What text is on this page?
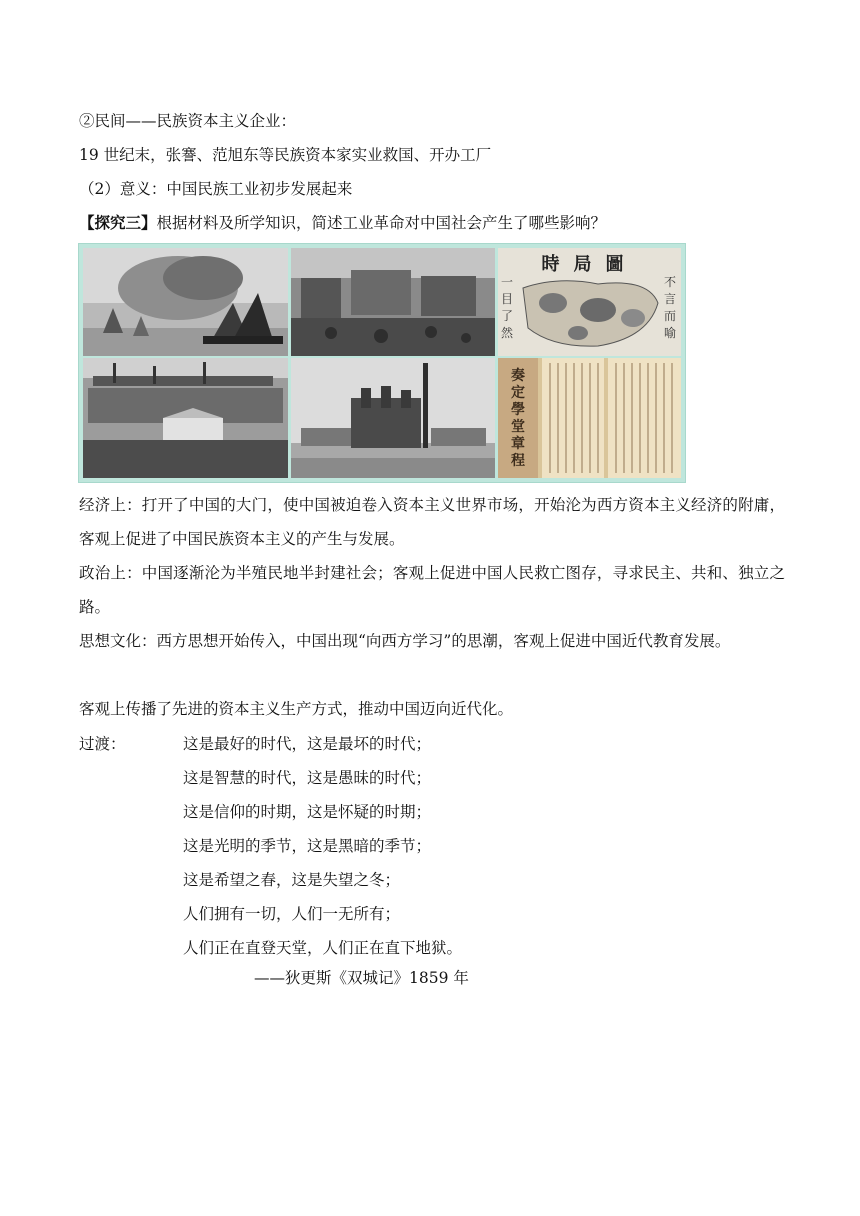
②民间——民族资本主义企业：
19 世纪末，张謇、范旭东等民族资本家实业救国、开办工厂
（2）意义：中国民族工业初步发展起来
【探究三】根据材料及所学知识，简述工业革命对中国社会产生了哪些影响？
時局圖
不言而喻
一目了然
奏定學堂章程
经济上：打开了中国的大门，使中国被迫卷入资本主义世界市场，开始沦为西方资本主义经济的附庸，客观上促进了中国民族资本主义的产生与发展。
政治上：中国逐渐沦为半殖民地半封建社会；客观上促进中国人民救亡图存，寻求民主、共和、独立之路。
思想文化：西方思想开始传入，中国出现“向西方学习”的思潮，客观上促进中国近代教育发展。
客观上传播了先进的资本主义生产方式，推动中国迈向近代化。
过渡：	这是最好的时代，这是最坏的时代；
这是智慧的时代，这是愚昧的时代；
这是信仰的时期，这是怀疑的时期；
这是光明的季节，这是黑暗的季节；
这是希望之春，这是失望之冬；
人们拥有一切，人们一无所有；
人们正在直登天堂，人们正在直下地狱。
——狄更斯《双城记》1859 年
